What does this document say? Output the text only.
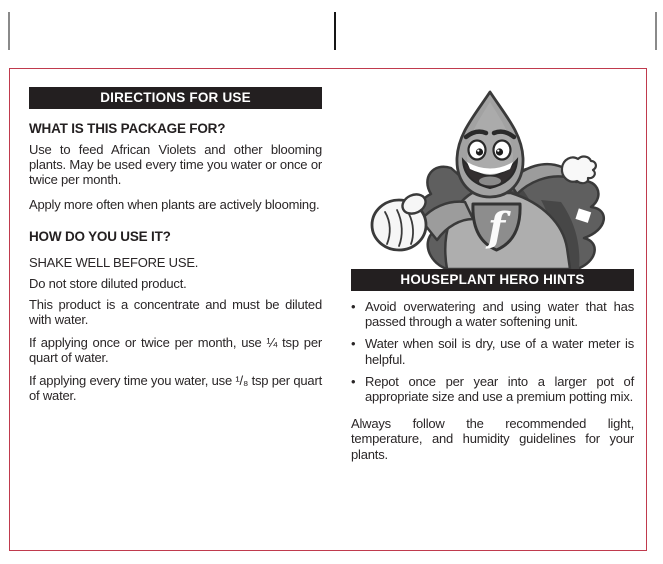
DIRECTIONS FOR USE

WHAT IS THIS PACKAGE FOR?

Use to feed African Violets and other blooming plants. May be used every time you water or once or twice per month.

Apply more often when plants are actively blooming.

HOW DO YOU USE IT?

SHAKE WELL BEFORE USE.

Do not store diluted product.

This product is a concentrate and must be diluted with water.

If applying once or twice per month, use ¼ tsp per quart of water.

If applying every time you water, use ¹/₈ tsp per quart of water.

f
HOUSEPLANT HERO HINTS
• Avoid overwatering and using water that has passed through a water softening unit.

• Water when soil is dry, use of a water meter is helpful.

• Repot once per year into a larger pot of appropriate size and use a premium potting mix.

Always follow the recommended light, temperature, and humidity guidelines for your plants.
